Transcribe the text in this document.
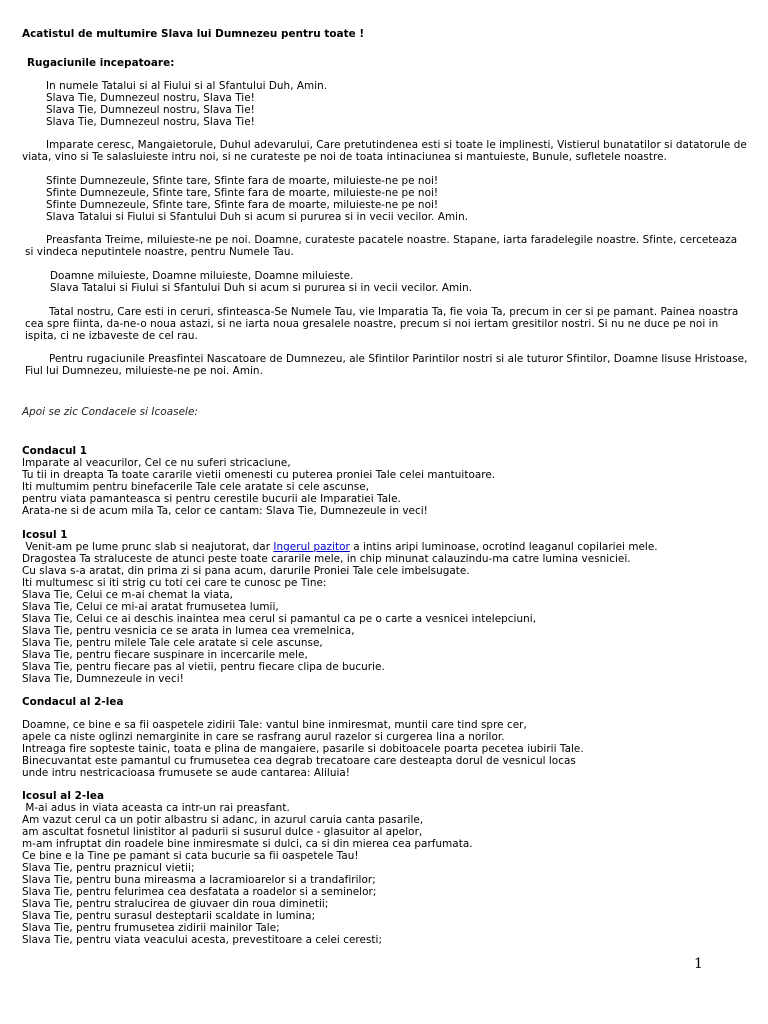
Acatistul de multumire Slava lui Dumnezeu pentru toate !
Rugaciunile incepatoare:
In numele Tatalui si al Fiului si al Sfantului Duh, Amin.
Slava Tie, Dumnezeul nostru, Slava Tie!
Slava Tie, Dumnezeul nostru, Slava Tie!
Slava Tie, Dumnezeul nostru, Slava Tie!
Imparate ceresc, Mangaietorule, Duhul adevarului, Care pretutindenea esti si toate le implinesti, Vistierul bunatatilor si datatorule de
viata, vino si Te salasluieste intru noi, si ne curateste pe noi de toata intinaciunea si mantuieste, Bunule, sufletele noastre.
Sfinte Dumnezeule, Sfinte tare, Sfinte fara de moarte, miluieste-ne pe noi!
Sfinte Dumnezeule, Sfinte tare, Sfinte fara de moarte, miluieste-ne pe noi!
Sfinte Dumnezeule, Sfinte tare, Sfinte fara de moarte, miluieste-ne pe noi!
Slava Tatalui si Fiului si Sfantului Duh si acum si pururea si in vecii vecilor. Amin.
Preasfanta Treime, miluieste-ne pe noi. Doamne, curateste pacatele noastre. Stapane, iarta faradelegile noastre. Sfinte, cerceteaza
si vindeca neputintele noastre, pentru Numele Tau.
Doamne miluieste, Doamne miluieste, Doamne miluieste.
Slava Tatalui si Fiului si Sfantului Duh si acum si pururea si in vecii vecilor. Amin.
Tatal nostru, Care esti in ceruri, sfinteasca-Se Numele Tau, vie Imparatia Ta, fie voia Ta, precum in cer si pe pamant. Painea noastra
cea spre fiinta, da-ne-o noua astazi, si ne iarta noua gresalele noastre, precum si noi iertam gresitilor nostri. Si nu ne duce pe noi in
ispita, ci ne izbaveste de cel rau.
Pentru rugaciunile Preasfintei Nascatoare de Dumnezeu, ale Sfintilor Parintilor nostri si ale tuturor Sfintilor, Doamne Iisuse Hristoase,
Fiul lui Dumnezeu, miluieste-ne pe noi. Amin.
Apoi se zic Condacele si Icoasele:
Condacul 1
Imparate al veacurilor, Cel ce nu suferi stricaciune,
Tu tii in dreapta Ta toate cararile vietii omenesti cu puterea proniei Tale celei mantuitoare.
Iti multumim pentru binefacerile Tale cele aratate si cele ascunse,
pentru viata pamanteasca si pentru cerestile bucurii ale Imparatiei Tale.
Arata-ne si de acum mila Ta, celor ce cantam: Slava Tie, Dumnezeule in veci!
Icosul 1
Venit-am pe lume prunc slab si neajutorat, dar Ingerul pazitor a intins aripi luminoase, ocrotind leaganul copilariei mele.
Dragostea Ta straluceste de atunci peste toate cararile mele, in chip minunat calauzindu-ma catre lumina vesniciei.
Cu slava s-a aratat, din prima zi si pana acum, darurile Proniei Tale cele imbelsugate.
Iti multumesc si iti strig cu toti cei care te cunosc pe Tine:
Slava Tie, Celui ce m-ai chemat la viata,
Slava Tie, Celui ce mi-ai aratat frumusetea lumii,
Slava Tie, Celui ce ai deschis inaintea mea cerul si pamantul ca pe o carte a vesnicei intelepciuni,
Slava Tie, pentru vesnicia ce se arata in lumea cea vremelnica,
Slava Tie, pentru milele Tale cele aratate si cele ascunse,
Slava Tie, pentru fiecare suspinare in incercarile mele,
Slava Tie, pentru fiecare pas al vietii, pentru fiecare clipa de bucurie.
Slava Tie, Dumnezeule in veci!
Condacul al 2-lea
Doamne, ce bine e sa fii oaspetele zidirii Tale: vantul bine inmiresmat, muntii care tind spre cer,
apele ca niste oglinzi nemarginite in care se rasfrang aurul razelor si curgerea lina a norilor.
Intreaga fire sopteste tainic, toata e plina de mangaiere, pasarile si dobitoacele poarta pecetea iubirii Tale.
Binecuvantat este pamantul cu frumusetea cea degrab trecatoare care desteapta dorul de vesnicul locas
unde intru nestricacioasa frumusete se aude cantarea: Aliluia!
Icosul al 2-lea
M-ai adus in viata aceasta ca intr-un rai preasfant.
Am vazut cerul ca un potir albastru si adanc, in azurul caruia canta pasarile,
am ascultat fosnetul linistitor al padurii si susurul dulce - glasuitor al apelor,
m-am infruptat din roadele bine inmiresmate si dulci, ca si din mierea cea parfumata.
Ce bine e la Tine pe pamant si cata bucurie sa fii oaspetele Tau!
Slava Tie, pentru praznicul vietii;
Slava Tie, pentru buna mireasma a lacramioarelor si a trandafirilor;
Slava Tie, pentru felurimea cea desfatata a roadelor si a seminelor;
Slava Tie, pentru stralucirea de giuvaer din roua diminetii;
Slava Tie, pentru surasul desteptarii scaldate in lumina;
Slava Tie, pentru frumusetea zidirii mainilor Tale;
Slava Tie, pentru viata veacului acesta, prevestitoare a celei ceresti;
1
